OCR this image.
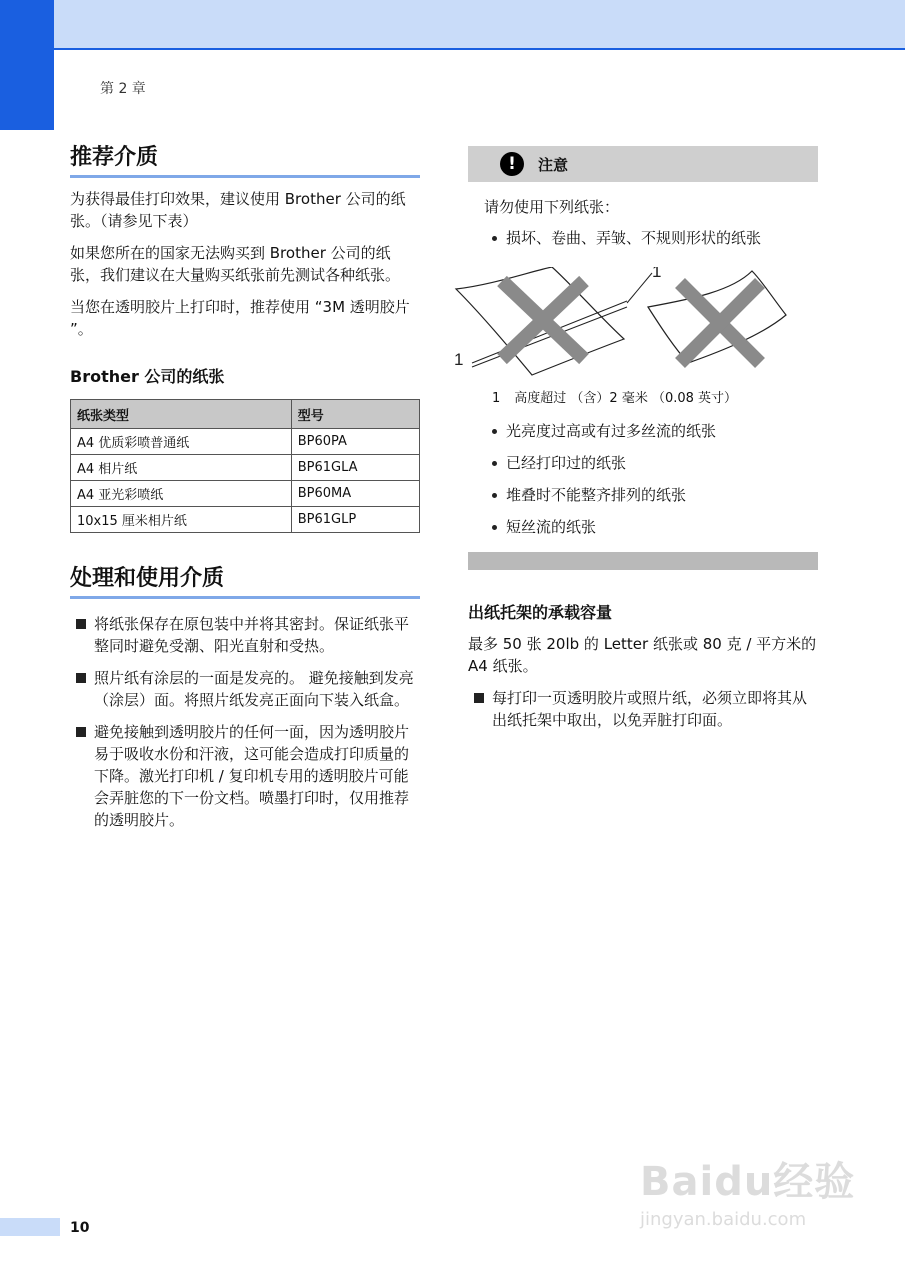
第 2 章
推荐介质

为获得最佳打印效果，建议使用 Brother 公司的纸张。（请参见下表）

如果您所在的国家无法购买到 Brother 公司的纸张，我们建议在大量购买纸张前先测试各种纸张。

当您在透明胶片上打印时，推荐使用 “3M 透明胶片 ”。

Brother 公司的纸张
纸张类型	型号
A4 优质彩喷普通纸	BP60PA
A4 相片纸	BP61GLA
A4 亚光彩喷纸	BP60MA
10x15 厘米相片纸	BP61GLP
处理和使用介质
将纸张保存在原包装中并将其密封。保证纸张平整同时避免受潮、阳光直射和受热。
照片纸有涂层的一面是发亮的。 避免接触到发亮 （涂层）面。将照片纸发亮正面向下装入纸盒。
避免接触到透明胶片的任何一面，因为透明胶片易于吸收水份和汗液，这可能会造成打印质量的下降。激光打印机 / 复印机专用的透明胶片可能会弄脏您的下一份文档。喷墨打印时，仅用推荐的透明胶片。
!	注意

请勿使用下列纸张：

损坏、卷曲、弄皱、不规则形状的纸张
1
1
1 高度超过 （含）2 毫米 （0.08 英寸）
光亮度过高或有过多丝流的纸张
已经打印过的纸张
堆叠时不能整齐排列的纸张
短丝流的纸张
出纸托架的承载容量

最多 50 张 20lb 的 Letter 纸张或 80 克 / 平方米的 A4 纸张。

每打印一页透明胶片或照片纸，必须立即将其从出纸托架中取出，以免弄脏打印面。
10
Baidu经验
jingyan.baidu.com
